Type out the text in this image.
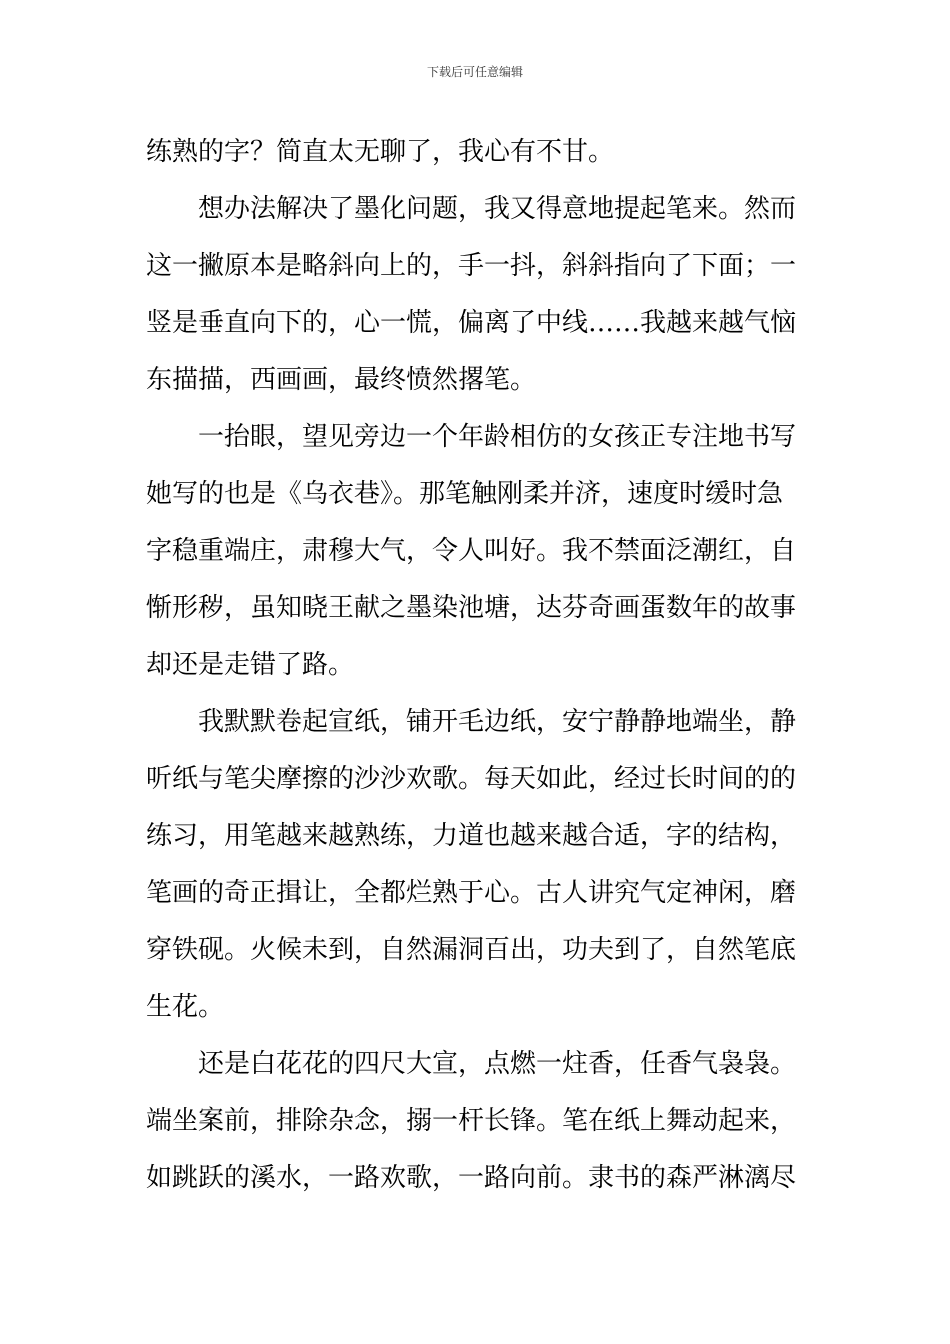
下载后可任意编辑
练熟的字？简直太无聊了，我心有不甘。
想办法解决了墨化问题，我又得意地提起笔来。然而
这一撇原本是略斜向上的，手一抖，斜斜指向了下面；一
竖是垂直向下的，心一慌，偏离了中线……我越来越气恼
东描描，西画画，最终愤然撂笔。
一抬眼，望见旁边一个年龄相仿的女孩正专注地书写
她写的也是《乌衣巷》。那笔触刚柔并济，速度时缓时急
字稳重端庄，肃穆大气，令人叫好。我不禁面泛潮红，自
惭形秽，虽知晓王献之墨染池塘，达芬奇画蛋数年的故事
却还是走错了路。
我默默卷起宣纸，铺开毛边纸，安宁静静地端坐，静
听纸与笔尖摩擦的沙沙欢歌。每天如此，经过长时间的的
练习，用笔越来越熟练，力道也越来越合适，字的结构，
笔画的奇正揖让，全都烂熟于心。古人讲究气定神闲，磨
穿铁砚。火候未到，自然漏洞百出，功夫到了，自然笔底
生花。
还是白花花的四尺大宣，点燃一炷香，任香气袅袅。
端坐案前，排除杂念，搦一杆长锋。笔在纸上舞动起来，
如跳跃的溪水，一路欢歌，一路向前。隶书的森严淋漓尽
